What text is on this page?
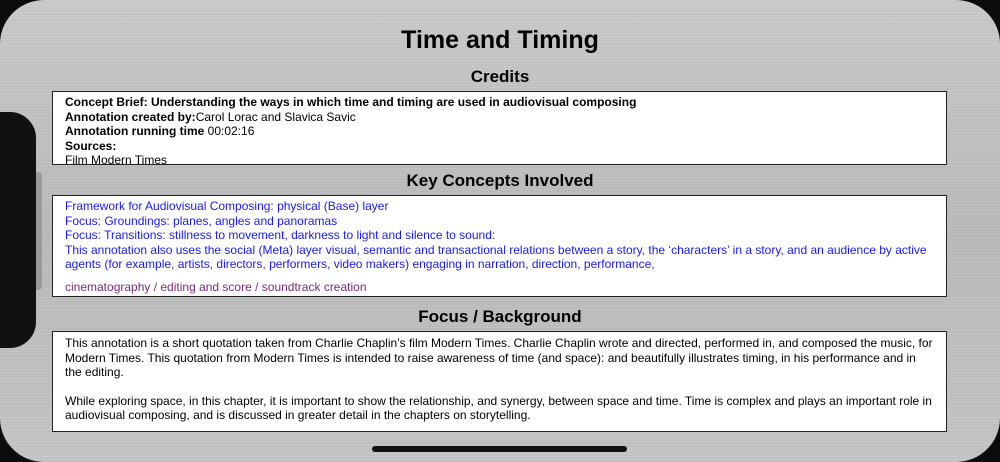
Time and Timing
Credits
Concept Brief: Understanding the ways in which time and timing are used in audiovisual composing
Annotation created by:Carol Lorac and Slavica Savic
Annotation running time 00:02:16
Sources:
Film Modern Times
Key Concepts Involved
Framework for Audiovisual Composing: physical (Base) layer
Focus: Groundings: planes, angles and panoramas
Focus: Transitions: stillness to movement, darkness to light and silence to sound:
This annotation also uses the social (Meta) layer visual, semantic and transactional relations between a story, the ‘characters’ in a story, and an audience by active agents (for example, artists, directors, performers, video makers) engaging in narration, direction, performance,
cinematography / editing and score / soundtrack creation
Focus / Background

This annotation is a short quotation taken from Charlie Chaplin’s film Modern Times. Charlie Chaplin wrote and directed, performed in, and composed the music, for Modern Times. This quotation from Modern Times is intended to raise awareness of time (and space): and beautifully illustrates timing, in his performance and in the editing.

While exploring space, in this chapter, it is important to show the relationship, and synergy, between space and time. Time is complex and plays an important role in audiovisual composing, and is discussed in greater detail in the chapters on storytelling.
